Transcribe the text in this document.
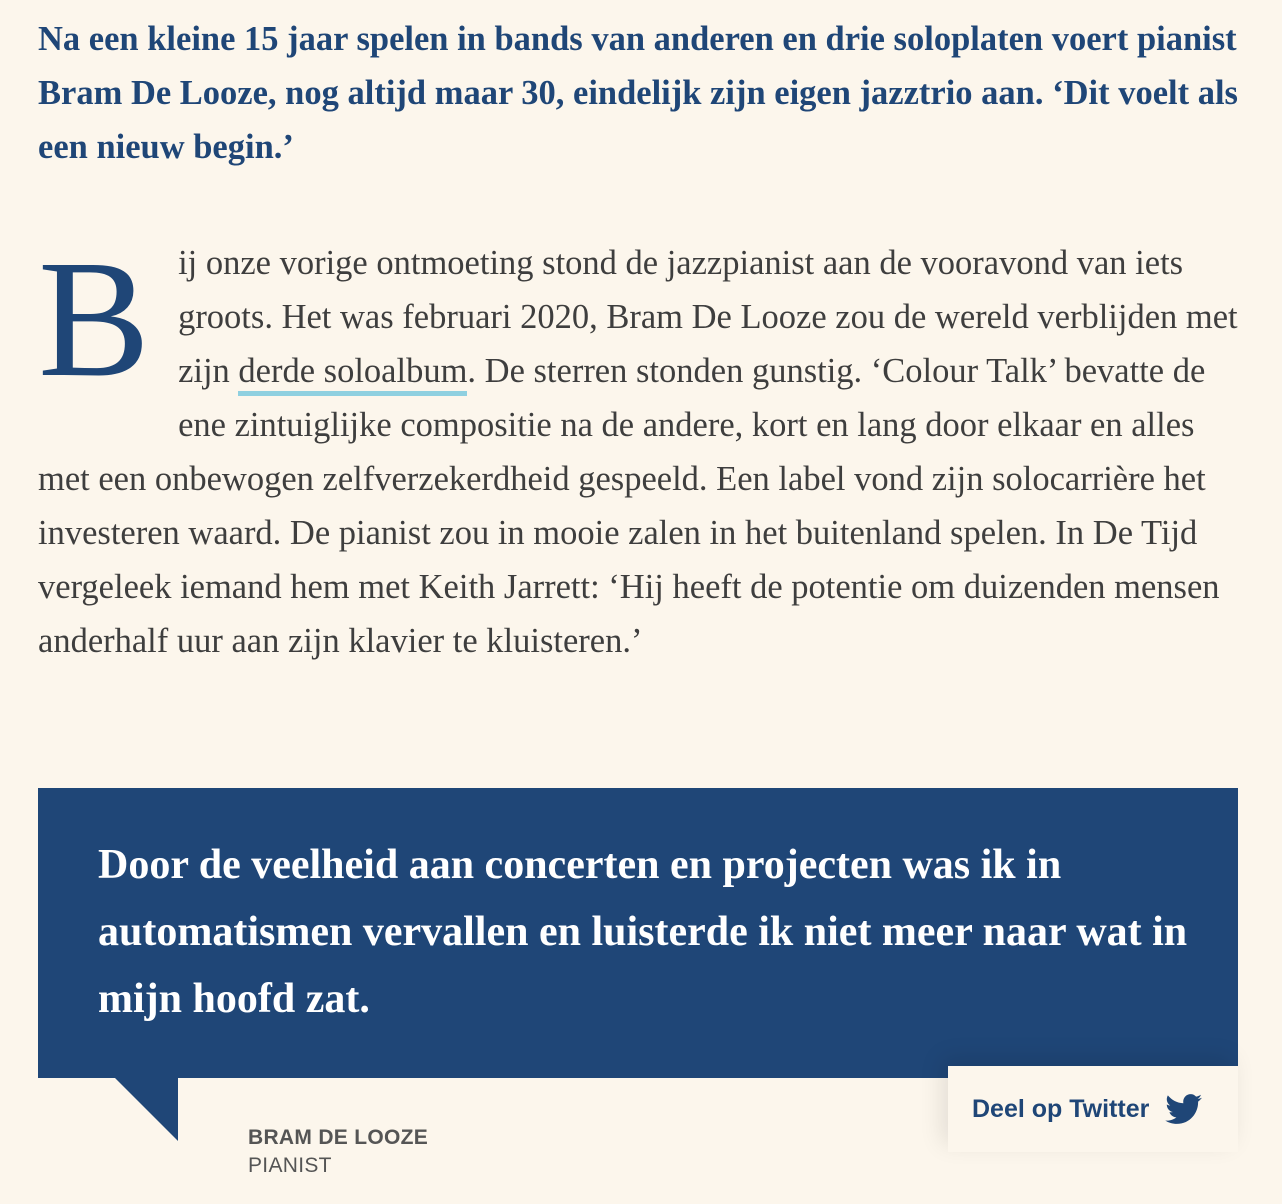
Na een kleine 15 jaar spelen in bands van anderen en drie soloplaten voert pianist Bram De Looze, nog altijd maar 30, eindelijk zijn eigen jazztrio aan. ‘Dit voelt als een nieuw begin.’

Bij onze vorige ontmoeting stond de jazzpianist aan de vooravond van iets groots. Het was februari 2020, Bram De Looze zou de wereld verblijden met zijn derde soloalbum. De sterren stonden gunstig. ‘Colour Talk’ bevatte de ene zintuiglijke compositie na de andere, kort en lang door elkaar en alles met een onbewogen zelfverzekerdheid gespeeld. Een label vond zijn solocarrière het investeren waard. De pianist zou in mooie zalen in het buitenland spelen. In De Tijd vergeleek iemand hem met Keith Jarrett: ‘Hij heeft de potentie om duizenden mensen anderhalf uur aan zijn klavier te kluisteren.’

Door de veelheid aan concerten en projecten was ik in automatismen vervallen en luisterde ik niet meer naar wat in mijn hoofd zat.

BRAM DE LOOZE
PIANIST
Deel op Twitter
